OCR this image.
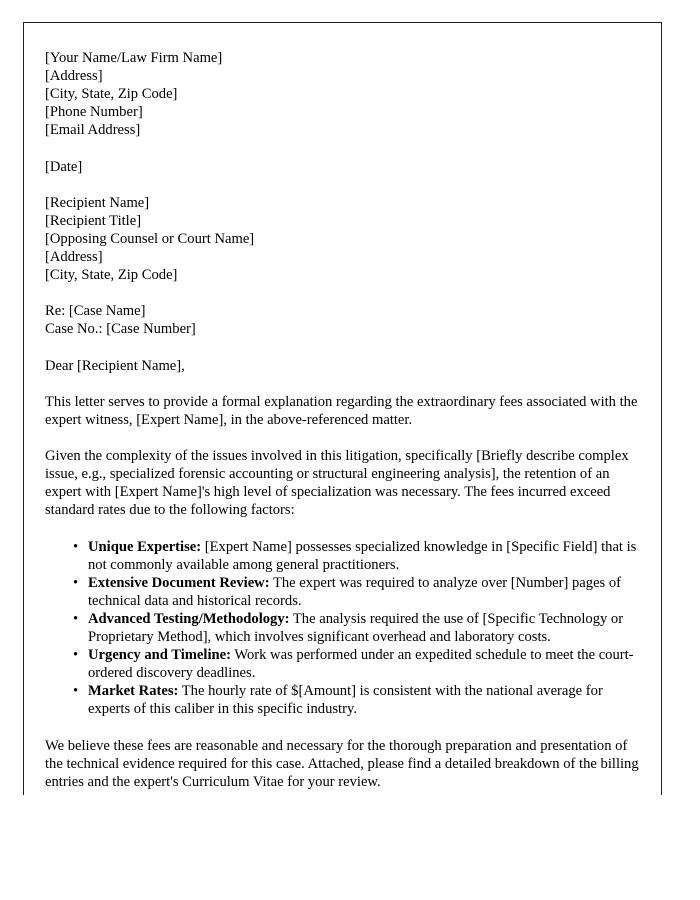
[Your Name/Law Firm Name]
[Address]
[City, State, Zip Code]
[Phone Number]
[Email Address]
[Date]
[Recipient Name]
[Recipient Title]
[Opposing Counsel or Court Name]
[Address]
[City, State, Zip Code]
Re: [Case Name]
Case No.: [Case Number]

Dear [Recipient Name],

This letter serves to provide a formal explanation regarding the extraordinary fees associated with the expert witness, [Expert Name], in the above-referenced matter.

Given the complexity of the issues involved in this litigation, specifically [Briefly describe complex issue, e.g., specialized forensic accounting or structural engineering analysis], the retention of an expert with [Expert Name]'s high level of specialization was necessary. The fees incurred exceed standard rates due to the following factors:

• Unique Expertise: [Expert Name] possesses specialized knowledge in [Specific Field] that is not commonly available among general practitioners.
• Extensive Document Review: The expert was required to analyze over [Number] pages of technical data and historical records.
• Advanced Testing/Methodology: The analysis required the use of [Specific Technology or Proprietary Method], which involves significant overhead and laboratory costs.
• Urgency and Timeline: Work was performed under an expedited schedule to meet the court-ordered discovery deadlines.
• Market Rates: The hourly rate of $[Amount] is consistent with the national average for experts of this caliber in this specific industry.

We believe these fees are reasonable and necessary for the thorough preparation and presentation of the technical evidence required for this case. Attached, please find a detailed breakdown of the billing entries and the expert's Curriculum Vitae for your review.
